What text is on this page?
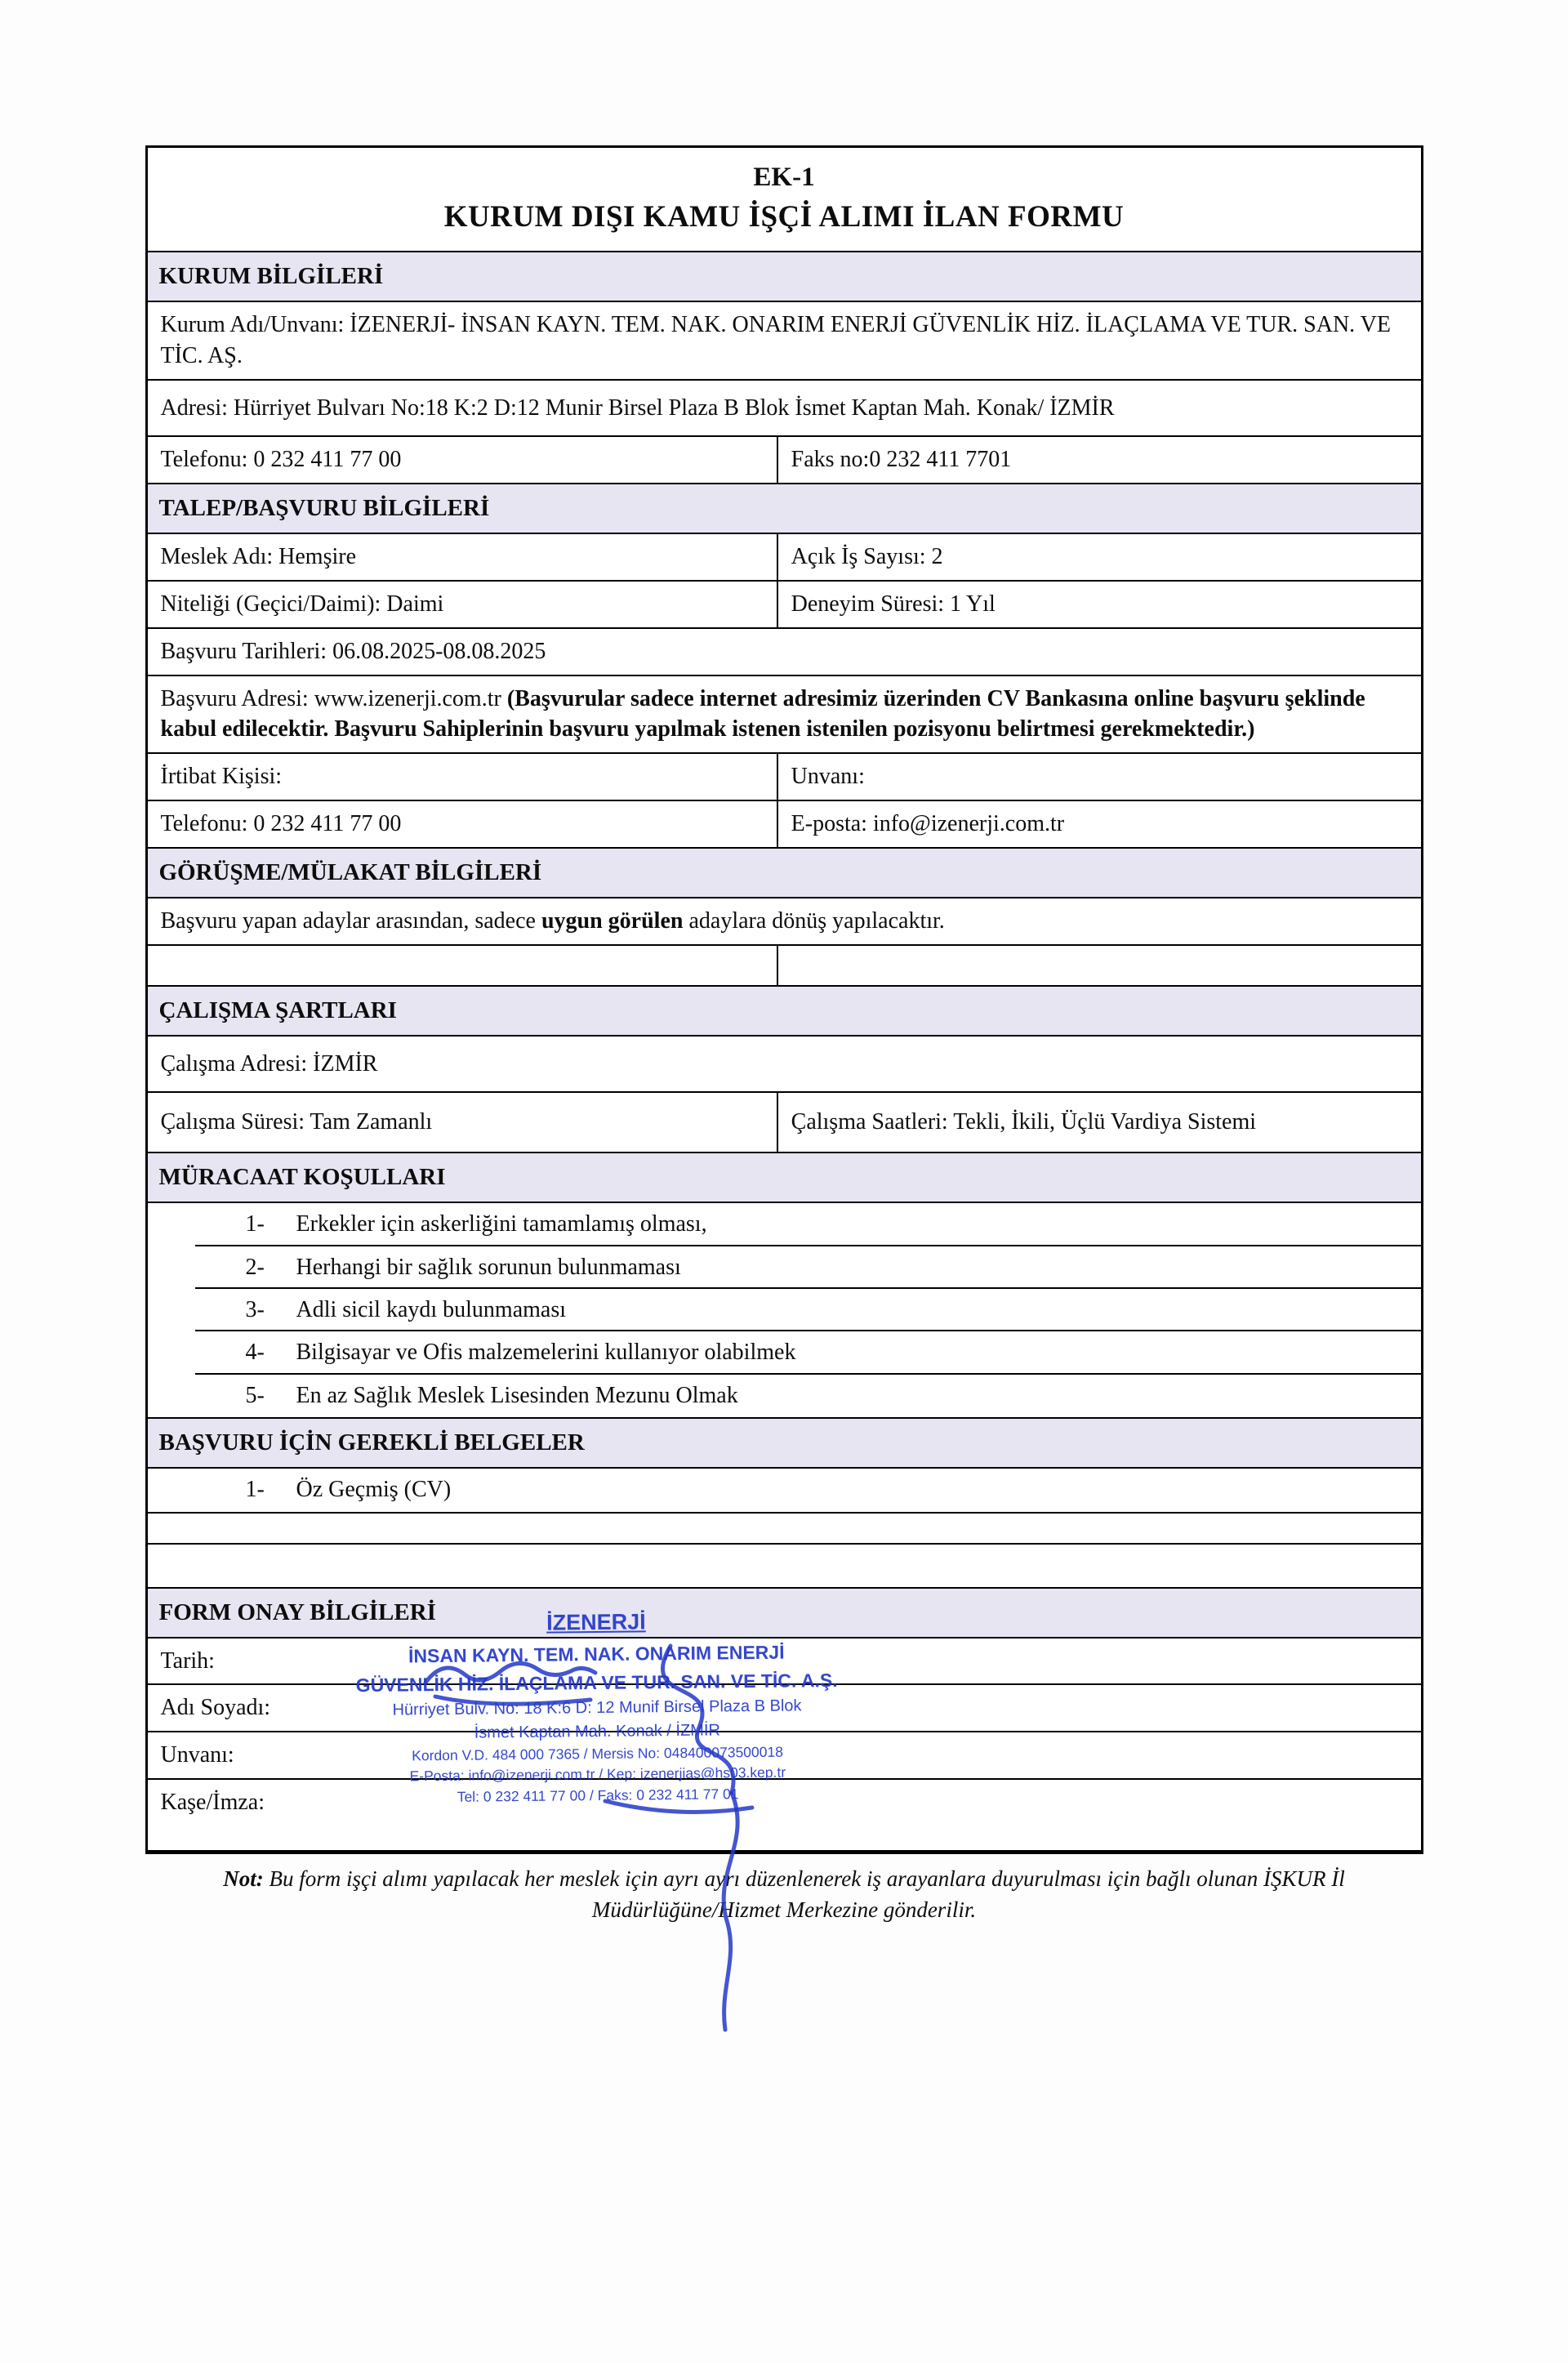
EK-1
KURUM DIŞI KAMU İŞÇİ ALIMI İLAN FORMU
KURUM BİLGİLERİ
Kurum Adı/Unvanı: İZENERJİ- İNSAN KAYN. TEM. NAK. ONARIM ENERJİ GÜVENLİK HİZ. İLAÇLAMA VE TUR. SAN. VE TİC. AŞ.
Adresi: Hürriyet Bulvarı No:18 K:2 D:12 Munir Birsel Plaza B Blok İsmet Kaptan Mah. Konak/ İZMİR
Telefonu: 0 232 411 77 00	Faks no:0 232 411 7701
TALEP/BAŞVURU BİLGİLERİ
Meslek Adı: Hemşire	Açık İş Sayısı: 2
Niteliği (Geçici/Daimi): Daimi	Deneyim Süresi: 1 Yıl
Başvuru Tarihleri: 06.08.2025-08.08.2025
Başvuru Adresi: www.izenerji.com.tr (Başvurular sadece internet adresimiz üzerinden CV Bankasına online başvuru şeklinde kabul edilecektir. Başvuru Sahiplerinin başvuru yapılmak istenen istenilen pozisyonu belirtmesi gerekmektedir.)
İrtibat Kişisi:	Unvanı:
Telefonu: 0 232 411 77 00	E-posta: info@izenerji.com.tr
GÖRÜŞME/MÜLAKAT BİLGİLERİ
Başvuru yapan adaylar arasından, sadece uygun görülen adaylara dönüş yapılacaktır.
ÇALIŞMA ŞARTLARI
Çalışma Adresi: İZMİR
Çalışma Süresi: Tam Zamanlı	Çalışma Saatleri: Tekli, İkili, Üçlü Vardiya Sistemi
MÜRACAAT KOŞULLARI
1- Erkekler için askerliğini tamamlamış olması,
2- Herhangi bir sağlık sorunun bulunmaması
3- Adli sicil kaydı bulunmaması
4- Bilgisayar ve Ofis malzemelerini kullanıyor olabilmek
5- En az Sağlık Meslek Lisesinden Mezunu Olmak
BAŞVURU İÇİN GEREKLİ BELGELER
1- Öz Geçmiş (CV)
FORM ONAY BİLGİLERİ
Tarih:
Adı Soyadı:
Unvanı:
Kaşe/İmza:
İZENERJİ
İNSAN KAYN. TEM. NAK. ONARIM ENERJİ
GÜVENLİK HİZ. İLAÇLAMA VE TUR. SAN. VE TİC. A.Ş.
Hürriyet Bulv. No: 18 K:6 D: 12 Munif Birsel Plaza B Blok
İsmet Kaptan Mah. Konak / İZMİR
Kordon V.D. 484 000 7365 / Mersis No: 048400073500018
E-Posta: info@izenerji.com.tr / Kep: izenerjias@hs03.kep.tr
Tel: 0 232 411 77 00 / Faks: 0 232 411 77 01
Not: Bu form işçi alımı yapılacak her meslek için ayrı ayrı düzenlenerek iş arayanlara duyurulması için bağlı olunan İŞKUR İl Müdürlüğüne/Hizmet Merkezine gönderilir.
